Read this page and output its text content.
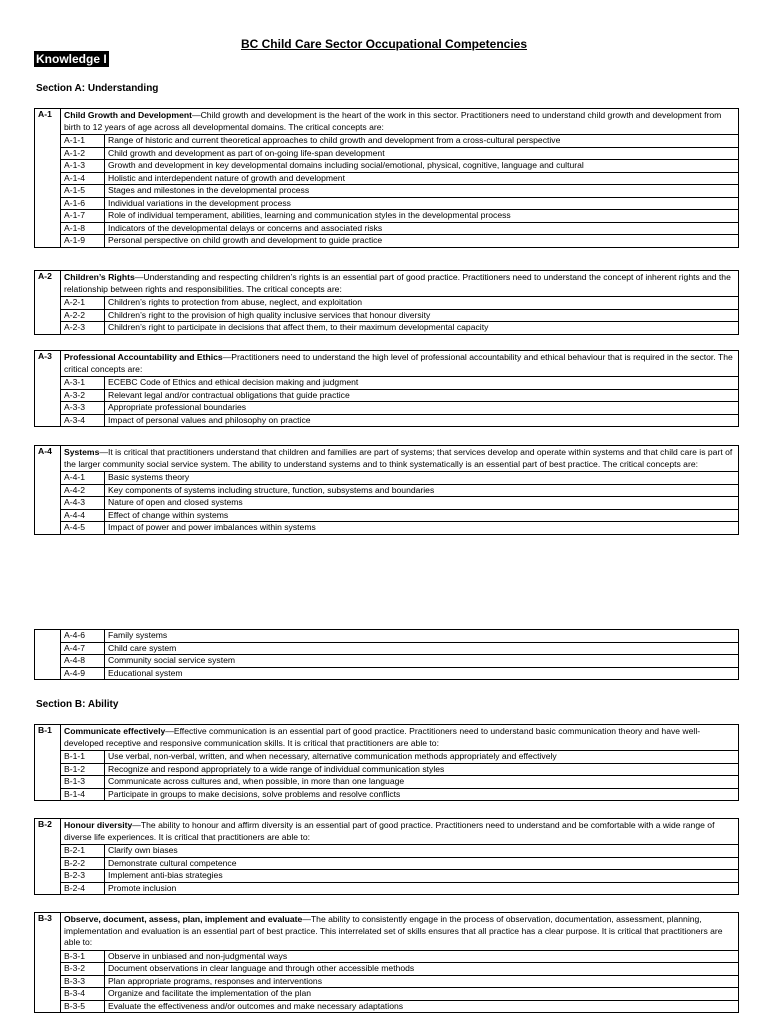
BC Child Care Sector Occupational Competencies
Knowledge I
Section A: Understanding
A-1	Child Growth and Development—Child growth and development is the heart of the work in this sector. Practitioners need to understand child growth and development from birth to 12 years of age across all developmental domains. The critical concepts are:	
	A-1-1	Range of historic and current theoretical approaches to child growth and development from a cross-cultural perspective
	A-1-2	Child growth and development as part of on-going life-span development
	A-1-3	Growth and development in key developmental domains including social/emotional, physical, cognitive, language and cultural
	A-1-4	Holistic and interdependent nature of growth and development
	A-1-5	Stages and milestones in the developmental process
	A-1-6	Individual variations in the development process
	A-1-7	Role of individual temperament, abilities, learning and communication styles in the developmental process
	A-1-8	Indicators of the developmental delays or concerns and associated risks
	A-1-9	Personal perspective on child growth and development to guide practice
A-2	Children’s Rights—Understanding and respecting children’s rights is an essential part of good practice. Practitioners need to understand the concept of inherent rights and the relationship between rights and responsibilities. The critical concepts are:	
	A-2-1	Children’s rights to protection from abuse, neglect, and exploitation
	A-2-2	Children’s right to the provision of high quality inclusive services that honour diversity
	A-2-3	Children’s right to participate in decisions that affect them, to their maximum developmental capacity
A-3	Professional Accountability and Ethics—Practitioners need to understand the high level of professional accountability and ethical behaviour that is required in the sector. The critical concepts are:	
	A-3-1	ECEBC Code of Ethics and ethical decision making and judgment
	A-3-2	Relevant legal and/or contractual obligations that guide practice
	A-3-3	Appropriate professional boundaries
	A-3-4	Impact of personal values and philosophy on practice
A-4	Systems—It is critical that practitioners understand that children and families are part of systems; that services develop and operate within systems and that child care is part of the larger community social service system. The ability to understand systems and to think systematically is an essential part of best practice. The critical concepts are:	
	A-4-1	Basic systems theory
	A-4-2	Key components of systems including structure, function, subsystems and boundaries
	A-4-3	Nature of open and closed systems
	A-4-4	Effect of change within systems
	A-4-5	Impact of power and power imbalances within systems
	A-4-6	Family systems
	A-4-7	Child care system
	A-4-8	Community social service system
	A-4-9	Educational system
Section B: Ability
B-1	Communicate effectively—Effective communication is an essential part of good practice. Practitioners need to understand basic communication theory and have well-developed receptive and responsive communication skills. It is critical that practitioners are able to:	
	B-1-1	Use verbal, non-verbal, written, and when necessary, alternative communication methods appropriately and effectively
	B-1-2	Recognize and respond appropriately to a wide range of individual communication styles
	B-1-3	Communicate across cultures and, when possible, in more than one language
	B-1-4	Participate in groups to make decisions, solve problems and resolve conflicts
B-2	Honour diversity—The ability to honour and affirm diversity is an essential part of good practice. Practitioners need to understand and be comfortable with a wide range of diverse life experiences. It is critical that practitioners are able to:	
	B-2-1	Clarify own biases
	B-2-2	Demonstrate cultural competence
	B-2-3	Implement anti-bias strategies
	B-2-4	Promote inclusion
B-3	Observe, document, assess, plan, implement and evaluate—The ability to consistently engage in the process of observation, documentation, assessment, planning, implementation and evaluation is an essential part of best practice. This interrelated set of skills ensures that all practice has a clear purpose. It is critical that practitioners are able to:	
	B-3-1	Observe in unbiased and non-judgmental ways
	B-3-2	Document observations in clear language and through other accessible methods
	B-3-3	Plan appropriate programs, responses and interventions
	B-3-4	Organize and facilitate the implementation of the plan
	B-3-5	Evaluate the effectiveness and/or outcomes and make necessary adaptations
